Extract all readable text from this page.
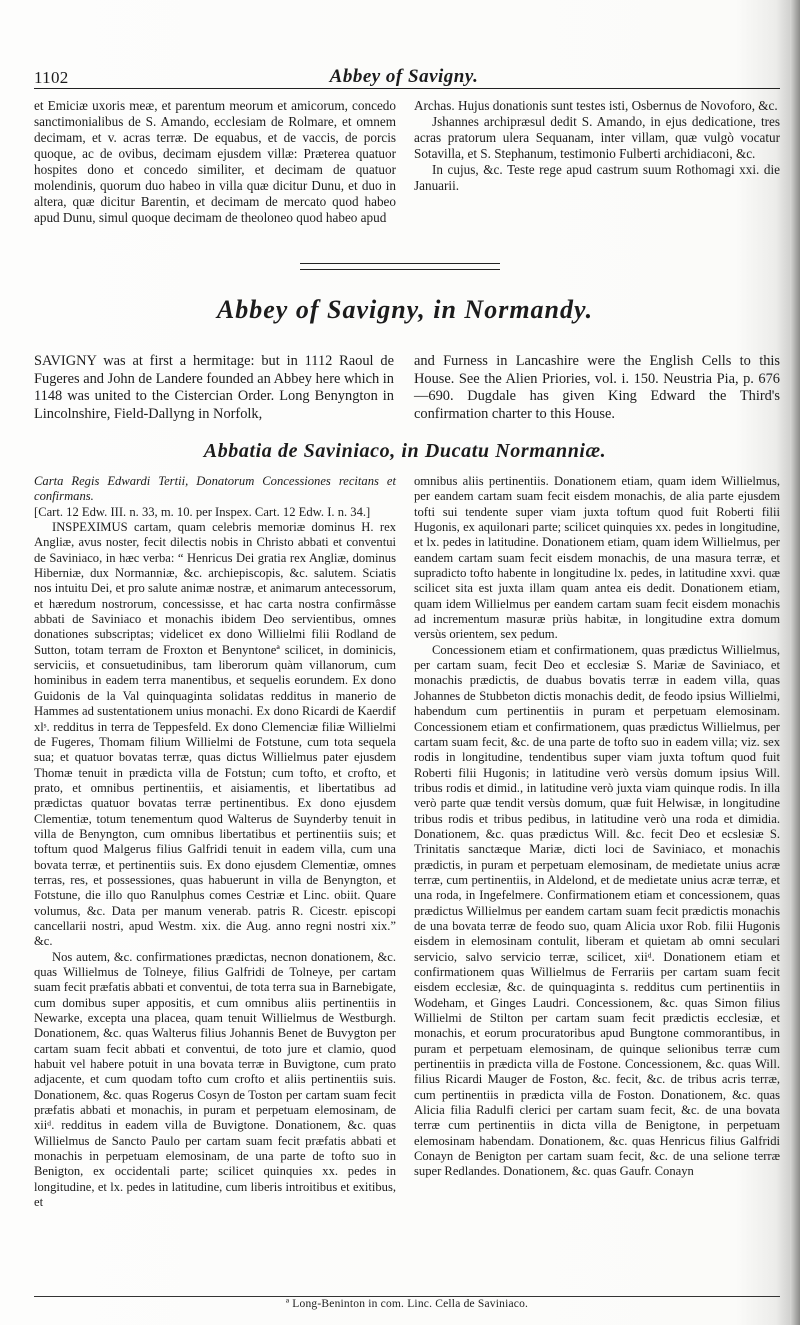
1102	Abbey of Savigny.

et Emiciæ uxoris meæ, et parentum meorum et amicorum, concedo sanctimonialibus de S. Amando, ecclesiam de Rolmare, et omnem decimam, et v. acras terræ. De equabus, et de vaccis, de porcis quoque, ac de ovibus, decimam ejusdem villæ: Præterea quatuor hospites dono et concedo similiter, et decimam de quatuor molendinis, quorum duo habeo in villa quæ dicitur Dunu, et duo in altera, quæ dicitur Barentin, et decimam de mercato quod habeo apud Dunu, simul quoque decimam de theoloneo quod habeo apud

Archas. Hujus donationis sunt testes isti, Osbernus de Novoforo, &c.

Jshannes archipræsul dedit S. Amando, in ejus dedicatione, tres acras pratorum ulera Sequanam, inter villam, quæ vulgò vocatur Sotavilla, et S. Stephanum, testimonio Fulberti archidiaconi, &c.

In cujus, &c. Teste rege apud castrum suum Rothomagi xxi. die Januarii.

Abbey of Savigny, in Normandy.

SAVIGNY was at first a hermitage: but in 1112 Raoul de Fugeres and John de Landere founded an Abbey here which in 1148 was united to the Cistercian Order. Long Benyngton in Lincolnshire, Field-Dallyng in Norfolk,

and Furness in Lancashire were the English Cells to this House. See the Alien Priories, vol. i. 150. Neustria Pia, p. 676—690. Dugdale has given King Edward the Third's confirmation charter to this House.

Abbatia de Saviniaco, in Ducatu Normanniæ.

Carta Regis Edwardi Tertii, Donatorum Concessiones recitans et confirmans.

[Cart. 12 Edw. III. n. 33, m. 10. per Inspex. Cart. 12 Edw. I. n. 34.]

INSPEXIMUS cartam, quam celebris memoriæ dominus H. rex Angliæ, avus noster, fecit dilectis nobis in Christo abbati et conventui de Saviniaco, in hæc verba: “ Henricus Dei gratia rex Angliæ, dominus Hiberniæ, dux Normanniæ, &c. archiepiscopis, &c. salutem. Sciatis nos intuitu Dei, et pro salute animæ nostræ, et animarum antecessorum, et hæredum nostrorum, concessisse, et hac carta nostra confirmâsse abbati de Saviniaco et monachis ibidem Deo servientibus, omnes donationes subscriptas; videlicet ex dono Willielmi filii Rodland de Sutton, totam terram de Froxton et Benyntoneª scilicet, in dominicis, serviciis, et consuetudinibus, tam liberorum quàm villanorum, cum hominibus in eadem terra manentibus, et sequelis eorundem. Ex dono Guidonis de la Val quinquaginta solidatas redditus in manerio de Hammes ad sustentationem unius monachi. Ex dono Ricardi de Kaerdif xlˢ. redditus in terra de Teppesfeld. Ex dono Clemenciæ filiæ Willielmi de Fugeres, Thomam filium Willielmi de Fotstune, cum tota sequela sua; et quatuor bovatas terræ, quas dictus Willielmus pater ejusdem Thomæ tenuit in prædicta villa de Fotstun; cum tofto, et crofto, et prato, et omnibus pertinentiis, et aisiamentis, et libertatibus ad prædictas quatuor bovatas terræ pertinentibus. Ex dono ejusdem Clementiæ, totum tenementum quod Walterus de Suynderby tenuit in villa de Benyngton, cum omnibus libertatibus et pertinentiis suis; et toftum quod Malgerus filius Galfridi tenuit in eadem villa, cum una bovata terræ, et pertinentiis suis. Ex dono ejusdem Clementiæ, omnes terras, res, et possessiones, quas habuerunt in villa de Benyngton, et Fotstune, die illo quo Ranulphus comes Cestriæ et Linc. obiit. Quare volumus, &c. Data per manum venerab. patris R. Cicestr. episcopi cancellarii nostri, apud Westm. xix. die Aug. anno regni nostri xix.” &c.

Nos autem, &c. confirmationes prædictas, necnon donationem, &c. quas Willielmus de Tolneye, filius Galfridi de Tolneye, per cartam suam fecit præfatis abbati et conventui, de tota terra sua in Barnebigate, cum domibus super appositis, et cum omnibus aliis pertinentiis in Newarke, excepta una placea, quam tenuit Willielmus de Westburgh. Donationem, &c. quas Walterus filius Johannis Benet de Buvygton per cartam suam fecit abbati et conventui, de toto jure et clamio, quod habuit vel habere potuit in una bovata terræ in Buvigtone, cum prato adjacente, et cum quodam tofto cum crofto et aliis pertinentiis suis. Donationem, &c. quas Rogerus Cosyn de Toston per cartam suam fecit præfatis abbati et monachis, in puram et perpetuam elemosinam, de xiiᵈ. redditus in eadem villa de Buvigtone. Donationem, &c. quas Willielmus de Sancto Paulo per cartam suam fecit præfatis abbati et monachis in perpetuam elemosinam, de una parte de tofto suo in Benigton, ex occidentali parte; scilicet quinquies xx. pedes in longitudine, et lx. pedes in latitudine, cum liberis introitibus et exitibus, et

omnibus aliis pertinentiis. Donationem etiam, quam idem Willielmus, per eandem cartam suam fecit eisdem monachis, de alia parte ejusdem tofti sui tendente super viam juxta toftum quod fuit Roberti filii Hugonis, ex aquilonari parte; scilicet quinquies xx. pedes in longitudine, et lx. pedes in latitudine. Donationem etiam, quam idem Willielmus, per eandem cartam suam fecit eisdem monachis, de una masura terræ, et supradicto tofto habente in longitudine lx. pedes, in latitudine xxvi. quæ scilicet sita est juxta illam quam antea eis dedit. Donationem etiam, quam idem Willielmus per eandem cartam suam fecit eisdem monachis ad incrementum masuræ priùs habitæ, in longitudine extra domum versùs orientem, sex pedum.

Concessionem etiam et confirmationem, quas prædictus Willielmus, per cartam suam, fecit Deo et ecclesiæ S. Mariæ de Saviniaco, et monachis prædictis, de duabus bovatis terræ in eadem villa, quas Johannes de Stubbeton dictis monachis dedit, de feodo ipsius Willielmi, habendum cum pertinentiis in puram et perpetuam elemosinam. Concessionem etiam et confirmationem, quas prædictus Willielmus, per cartam suam fecit, &c. de una parte de tofto suo in eadem villa; viz. sex rodis in longitudine, tendentibus super viam juxta toftum quod fuit Roberti filii Hugonis; in latitudine verò versùs domum ipsius Will. tribus rodis et dimid., in latitudine verò juxta viam quinque rodis. In illa verò parte quæ tendit versùs domum, quæ fuit Helwisæ, in longitudine tribus rodis et tribus pedibus, in latitudine verò una roda et dimidia. Donationem, &c. quas prædictus Will. &c. fecit Deo et ecslesiæ S. Trinitatis sanctæque Mariæ, dicti loci de Saviniaco, et monachis prædictis, in puram et perpetuam elemosinam, de medietate unius acræ terræ, cum pertinentiis, in Aldelond, et de medietate unius acræ terræ, et una roda, in Ingefelmere. Confirmationem etiam et concessionem, quas prædictus Willielmus per eandem cartam suam fecit prædictis monachis de una bovata terræ de feodo suo, quam Alicia uxor Rob. filii Hugonis eisdem in elemosinam contulit, liberam et quietam ab omni seculari servicio, salvo servicio terræ, scilicet, xiiᵈ. Donationem etiam et confirmationem quas Willielmus de Ferrariis per cartam suam fecit eisdem ecclesiæ, &c. de quinquaginta s. redditus cum pertinentiis in Wodeham, et Ginges Laudri. Concessionem, &c. quas Simon filius Willielmi de Stilton per cartam suam fecit prædictis ecclesiæ, et monachis, et eorum procuratoribus apud Bungtone commorantibus, in puram et perpetuam elemosinam, de quinque selionibus terræ cum pertinentiis in prædicta villa de Fostone. Concessionem, &c. quas Will. filius Ricardi Mauger de Foston, &c. fecit, &c. de tribus acris terræ, cum pertinentiis in prædicta villa de Foston. Donationem, &c. quas Alicia filia Radulfi clerici per cartam suam fecit, &c. de una bovata terræ cum pertinentiis in dicta villa de Benigtone, in perpetuam elemosinam habendam. Donationem, &c. quas Henricus filius Galfridi Conayn de Benigton per cartam suam fecit, &c. de una selione terræ super Redlandes. Donationem, &c. quas Gaufr. Conayn

ª Long-Beninton in com. Linc. Cella de Saviniaco.
